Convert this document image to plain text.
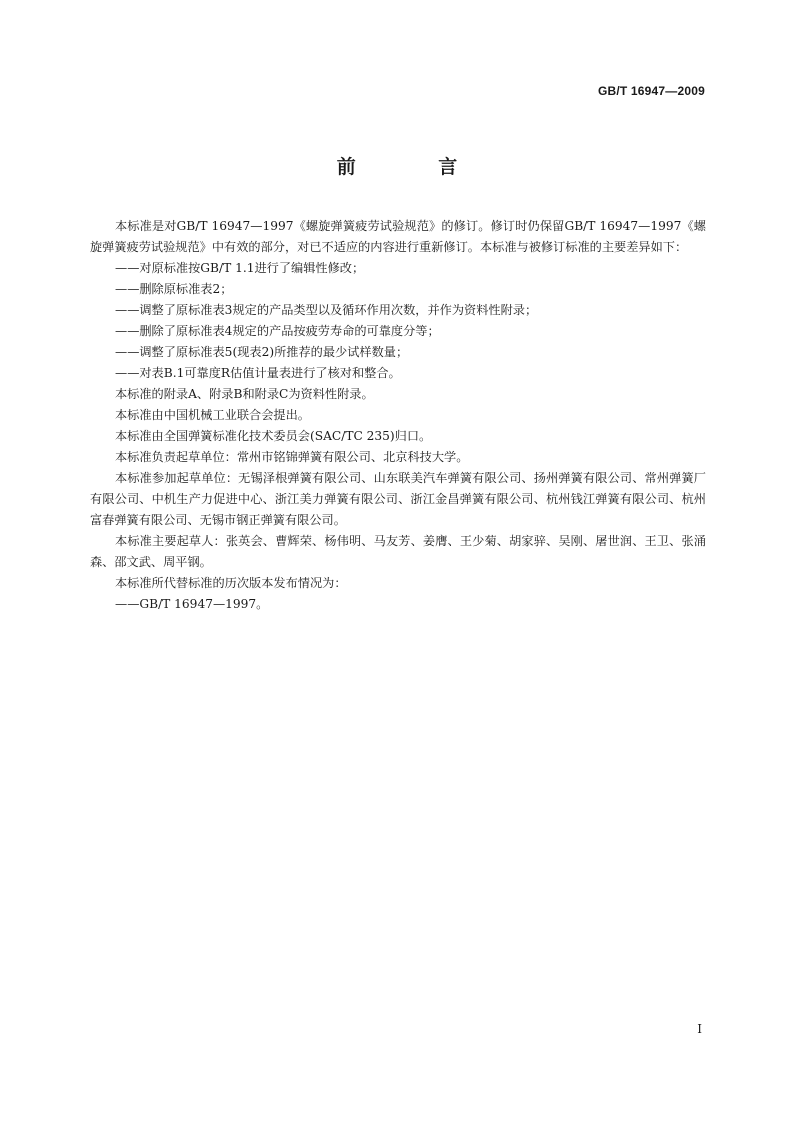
GB/T 16947—2009
前 言

本标准是对GB/T 16947—1997《螺旋弹簧疲劳试验规范》的修订。修订时仍保留GB/T 16947—1997《螺旋弹簧疲劳试验规范》中有效的部分，对已不适应的内容进行重新修订。本标准与被修订标准的主要差异如下：

——对原标准按GB/T 1.1进行了编辑性修改；

——删除原标准表2；

——调整了原标准表3规定的产品类型以及循环作用次数，并作为资料性附录；

——删除了原标准表4规定的产品按疲劳寿命的可靠度分等；

——调整了原标准表5(现表2)所推荐的最少试样数量；

——对表B.1可靠度R估值计量表进行了核对和整合。

本标准的附录A、附录B和附录C为资料性附录。

本标准由中国机械工业联合会提出。

本标准由全国弹簧标准化技术委员会(SAC/TC 235)归口。

本标准负责起草单位：常州市铭锦弹簧有限公司、北京科技大学。

本标准参加起草单位：无锡泽根弹簧有限公司、山东联美汽车弹簧有限公司、扬州弹簧有限公司、常州弹簧厂有限公司、中机生产力促进中心、浙江美力弹簧有限公司、浙江金昌弹簧有限公司、杭州钱江弹簧有限公司、杭州富春弹簧有限公司、无锡市钢正弹簧有限公司。

本标准主要起草人：张英会、曹辉荣、杨伟明、马友芳、姜膺、王少菊、胡家骍、吴刚、屠世润、王卫、张涌森、邵文武、周平钢。

本标准所代替标准的历次版本发布情况为：

——GB/T 16947—1997。

I
